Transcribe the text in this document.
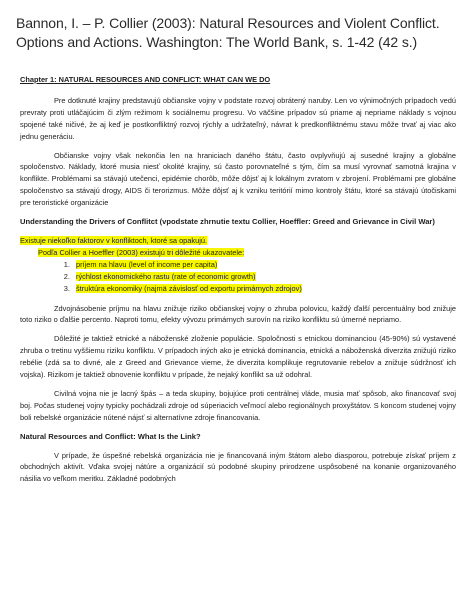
Bannon, I. – P. Collier (2003): Natural Resources and Violent Conflict. Options and Actions. Washington: The World Bank, s. 1-42 (42 s.)
Chapter 1: NATURAL RESOURCES AND CONFLICT: WHAT CAN WE DO

Pre dotknuté krajiny predstavujú občianske vojny v podstate rozvoj obrátený naruby. Len vo výnimočných prípadoch vedú prevraty proti utláčajúcim či zlým režimom k sociálnemu progresu. Vo väčšine prípadov sú priame aj nepriame náklady s vojnou spojené také ničivé, že aj keď je postkonfliktný rozvoj rýchly a udržateľný, návrat k predkonfliktnému stavu môže trvať aj viac ako jednu generáciu.

Občianske vojny však nekončia len na hraniciach daného štátu, často ovplyvňujú aj susedné krajiny a globálne spoločenstvo. Náklady, ktoré musia niesť okolité krajiny, sú často porovnateľné s tým, čím sa musí vyrovnať samotná krajina v konflikte. Problémami sa stávajú utečenci, epidémie chorôb, môže dôjsť aj k lokálnym zvratom v zbrojení. Problémami pre globálne spoločenstvo sa stávajú drogy, AIDS či terorizmus. Môže dôjsť aj k vzniku teritórií mimo kontroly štátu, ktoré sa stávajú útočiskami pre teroristické organizácie

Understanding the Drivers of Conflitct (vpodstate zhrnutie textu Collier, Hoeffler: Greed and Grievance in Civil War)

Existuje niekoľko faktorov v konfliktoch, ktoré sa opakujú.

Podľa Collier a Hoeffler (2003) existujú tri dôležité ukazovatele:

1. príjem na hlavu (level of income per capita)
2. rýchlost ekonomického rastu (rate of economic growth)
3. štruktúra ekonomiky (najmä závislosť od exportu primárnych zdrojov)

Zdvojnásobenie príjmu na hlavu znižuje riziko občianskej vojny o zhruba polovicu, každý ďalší percentuálny bod znižuje toto riziko o ďalšie percento. Naproti tomu, efekty vývozu primárnych surovín na riziko konfliktu sú úmerné nepriamo.

Dôležité je taktiež etnické a náboženské zloženie populácie. Spoločnosti s etnickou dominanciou (45-90%) sú vystavené zhruba o tretinu vyššiemu riziku konfliktu. V prípadoch iných ako je etnická dominancia, etnická a náboženská diverzita znižujú riziko rebélie (zdá sa to divné, ale z Greed and Grievance vieme, že diverzita komplikuje regrutovanie rebelov a znižuje súdržnosť ich vojska). Rizikom je taktiež obnovenie konfliktu v prípade, že nejaký konflikt sa už odohral.

Civilná vojna nie je lacný špás – a teda skupiny, bojujúce proti centrálnej vláde, musia mať spôsob, ako financovať svoj boj. Počas studenej vojny typicky pochádzali zdroje od súperiacich veľmocí alebo regionálnych proxyštátov. S koncom studenej vojny boli rebelské organizácie nútené nájsť si alternatívne zdroje financovania.

Natural Resources and Conflict: What Is the Link?

V prípade, že úspešné rebelská organizácia nie je financovaná iným štátom alebo diasporou, potrebuje získať príjem z obchodných aktivít. Vďaka svojej nátúre a organizácií sú podobné skupiny prirodzene uspôsobené na konanie organizovaného násilia vo veľkom meritku. Základné podobných
